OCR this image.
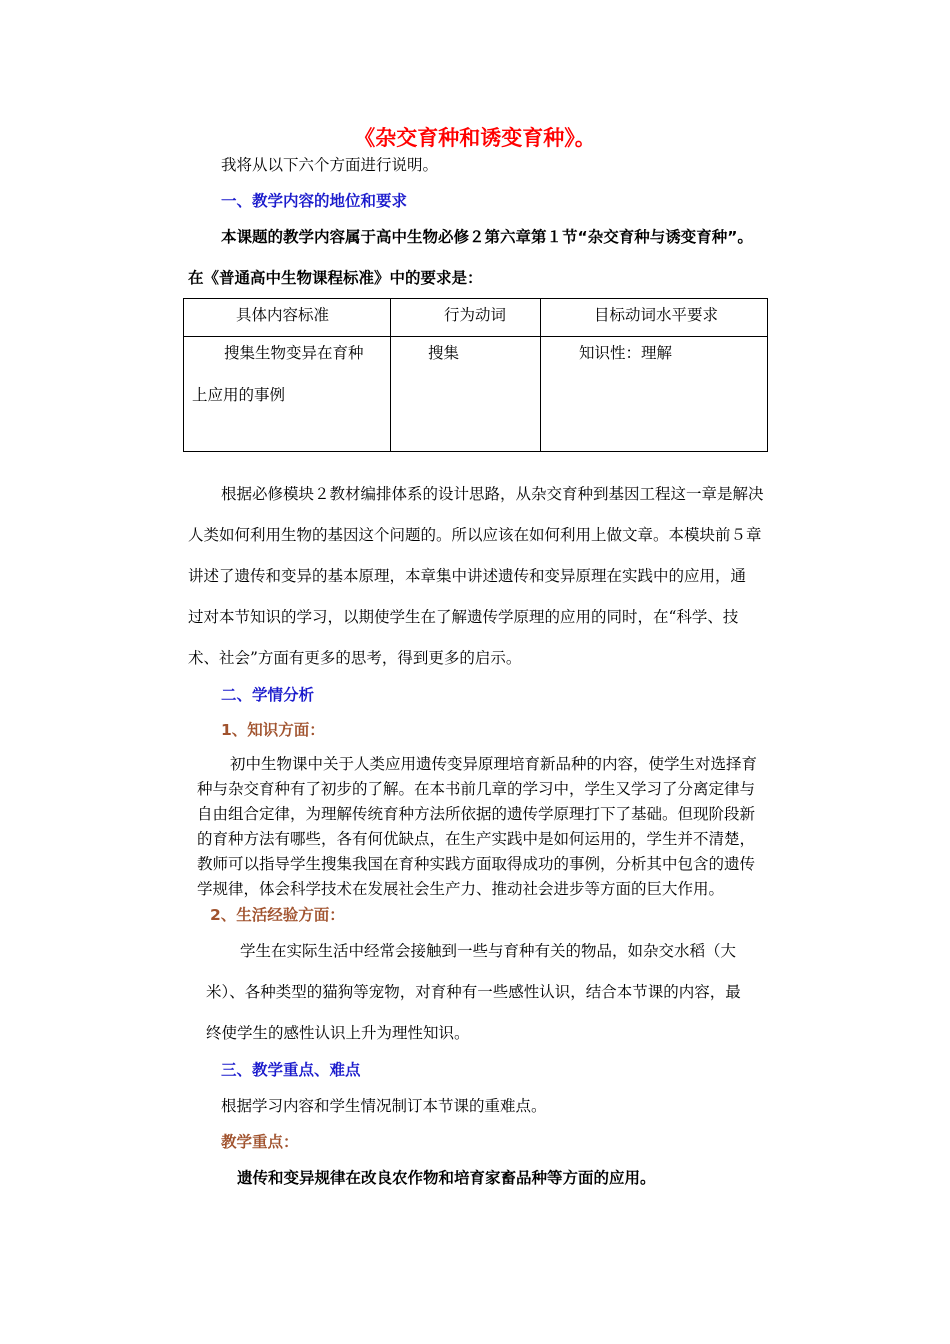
《杂交育种和诱变育种》。
我将从以下六个方面进行说明。
一、教学内容的地位和要求
本课题的教学内容属于高中生物必修２第六章第１节“杂交育种与诱变育种”。
在《普通高中生物课程标准》中的要求是：
具体内容标准	行为动词	目标动词水平要求

搜集生物变异在育种
上应用的事例	搜集	知识性：理解
根据必修模块２教材编排体系的设计思路，从杂交育种到基因工程这一章是解决
人类如何利用生物的基因这个问题的。所以应该在如何利用上做文章。本模块前５章
讲述了遗传和变异的基本原理，本章集中讲述遗传和变异原理在实践中的应用，通
过对本节知识的学习，以期使学生在了解遗传学原理的应用的同时，在“科学、技
术、社会”方面有更多的思考，得到更多的启示。
二、学情分析
1、知识方面：
初中生物课中关于人类应用遗传变异原理培育新品种的内容，使学生对选择育
种与杂交育种有了初步的了解。在本书前几章的学习中，学生又学习了分离定律与
自由组合定律，为理解传统育种方法所依据的遗传学原理打下了基础。但现阶段新
的育种方法有哪些，各有何优缺点，在生产实践中是如何运用的，学生并不清楚，
教师可以指导学生搜集我国在育种实践方面取得成功的事例，分析其中包含的遗传
学规律，体会科学技术在发展社会生产力、推动社会进步等方面的巨大作用。
2、生活经验方面：
学生在实际生活中经常会接触到一些与育种有关的物品，如杂交水稻（大
米）、各种类型的猫狗等宠物，对育种有一些感性认识，结合本节课的内容，最
终使学生的感性认识上升为理性知识。
三、教学重点、难点
根据学习内容和学生情况制订本节课的重难点。
教学重点：
遗传和变异规律在改良农作物和培育家畜品种等方面的应用。
